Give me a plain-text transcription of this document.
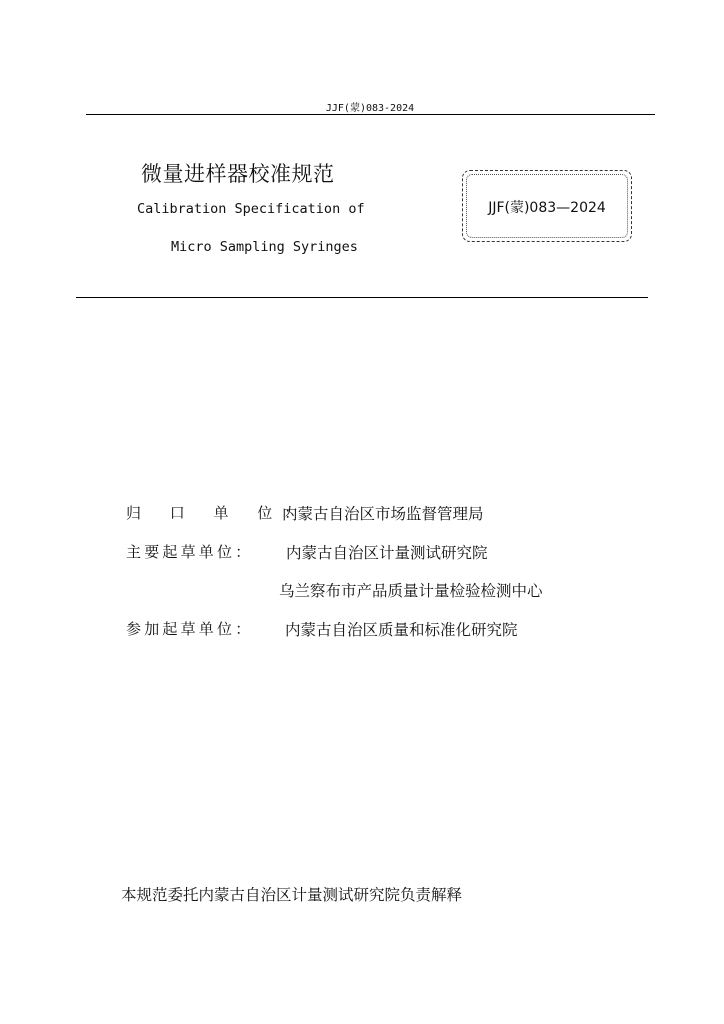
JJF(蒙)083-2024
微量进样器校准规范
Calibration Specification of
Micro Sampling Syringes
JJF(蒙)083—2024
归 口 单 位：
内蒙古自治区市场监督管理局
主要起草单位： 内蒙古自治区计量测试研究院
乌兰察布市产品质量计量检验检测中心
参加起草单位： 内蒙古自治区质量和标准化研究院
本规范委托内蒙古自治区计量测试研究院负责解释
